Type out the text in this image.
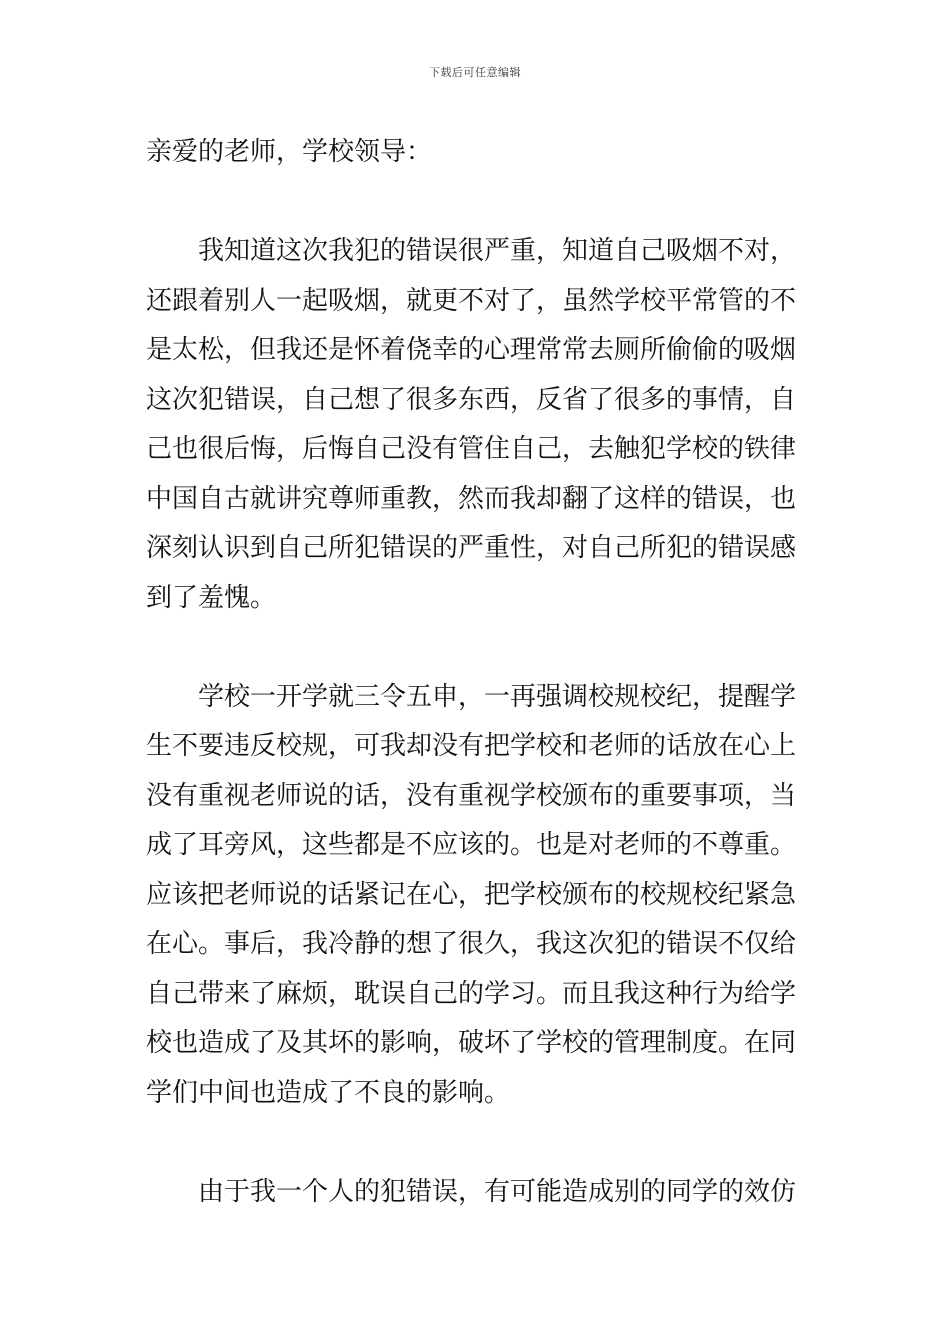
下载后可任意编辑
亲爱的老师，学校领导：
我知道这次我犯的错误很严重，知道自己吸烟不对，
还跟着别人一起吸烟，就更不对了，虽然学校平常管的不
是太松，但我还是怀着侥幸的心理常常去厕所偷偷的吸烟
这次犯错误，自己想了很多东西，反省了很多的事情，自
己也很后悔，后悔自己没有管住自己，去触犯学校的铁律
中国自古就讲究尊师重教，然而我却翻了这样的错误，也
深刻认识到自己所犯错误的严重性，对自己所犯的错误感
到了羞愧。
学校一开学就三令五申，一再强调校规校纪，提醒学
生不要违反校规，可我却没有把学校和老师的话放在心上
没有重视老师说的话，没有重视学校颁布的重要事项，当
成了耳旁风，这些都是不应该的。也是对老师的不尊重。
应该把老师说的话紧记在心，把学校颁布的校规校纪紧急
在心。事后，我冷静的想了很久，我这次犯的错误不仅给
自己带来了麻烦，耽误自己的学习。而且我这种行为给学
校也造成了及其坏的影响，破坏了学校的管理制度。在同
学们中间也造成了不良的影响。
由于我一个人的犯错误，有可能造成别的同学的效仿
